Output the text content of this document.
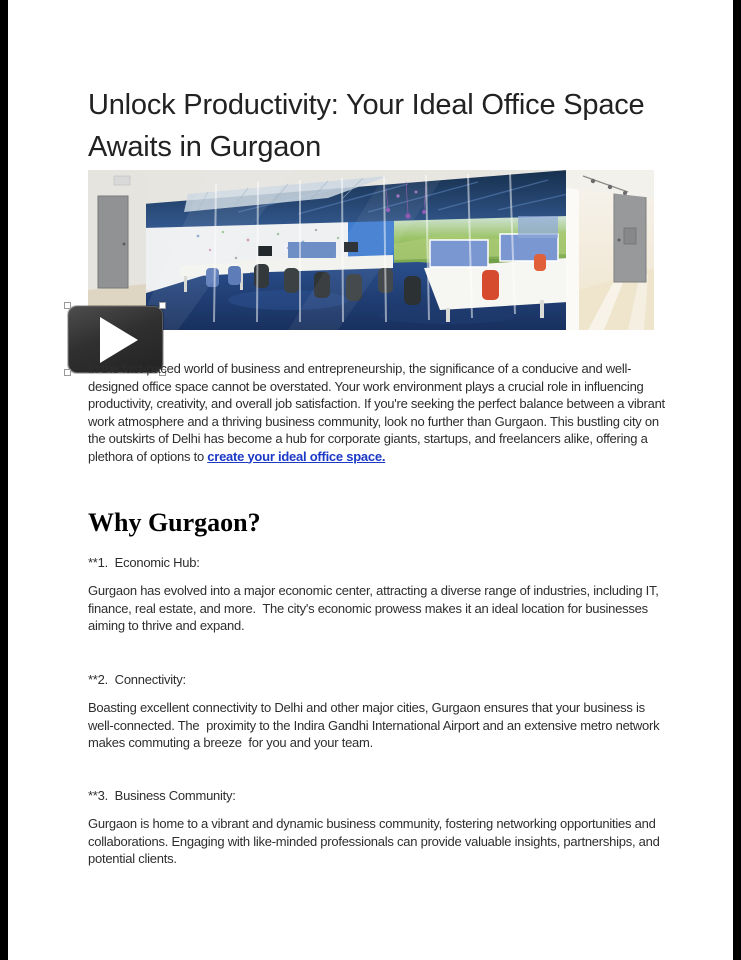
Unlock Productivity: Your Ideal Office Space
Awaits in Gurgaon

In the fast-paced world of business and entrepreneurship, the significance of a conducive and well-designed office space cannot be overstated. Your work environment plays a crucial role in influencing productivity, creativity, and overall job satisfaction. If you're seeking the perfect balance between a vibrant work atmosphere and a thriving business community, look no further than Gurgaon. This bustling city on the outskirts of Delhi has become a hub for corporate giants, startups, and freelancers alike, offering a plethora of options to create your ideal office space.

Why Gurgaon?
**1.  Economic Hub:

Gurgaon has evolved into a major economic center, attracting a diverse range of industries, including IT, finance, real estate, and more.  The city's economic prowess makes it an ideal location for businesses aiming to thrive and expand.

**2.  Connectivity:

Boasting excellent connectivity to Delhi and other major cities, Gurgaon ensures that your business is well-connected. The  proximity to the Indira Gandhi International Airport and an extensive metro network  makes commuting a breeze  for you and your team.

**3.  Business Community:

Gurgaon is home to a vibrant and dynamic business community, fostering networking opportunities and collaborations. Engaging with like-minded professionals can provide valuable insights, partnerships, and potential clients.
